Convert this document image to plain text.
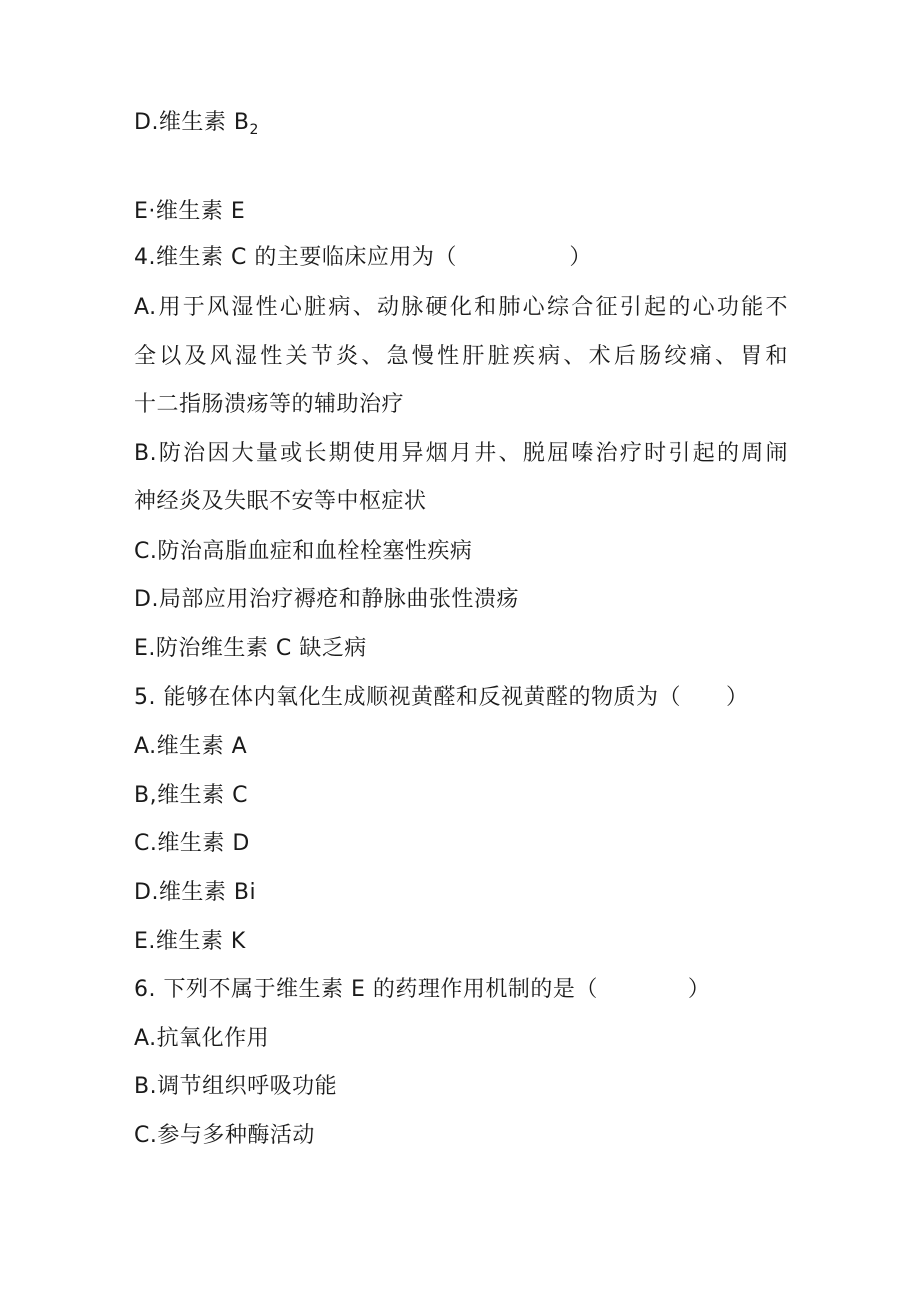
D.维生素 $B_2$
E·维生素 E
4.维生素 C 的主要临床应用为（　　　　　）
A.用于风湿性心脏病、动脉硬化和肺心综合征引起的心功能不
全以及风湿性关节炎、急慢性肝脏疾病、术后肠绞痛、胃和
十二指肠溃疡等的辅助治疗
B.防治因大量或长期使用异烟月井、脱屈嗪治疗时引起的周闹
神经炎及失眠不安等中枢症状
C.防治高脂血症和血栓栓塞性疾病
D.局部应用治疗褥疮和静脉曲张性溃疡
E.防治维生素 C 缺乏病
5. 能够在体内氧化生成顺视黄醛和反视黄醛的物质为（　　）
A.维生素 A
B,维生素 C
C.维生素 D
D.维生素 Bi
E.维生素 K
6. 下列不属于维生素 E 的药理作用机制的是（　　　　）
A.抗氧化作用
B.调节组织呼吸功能
C.参与多种酶活动
